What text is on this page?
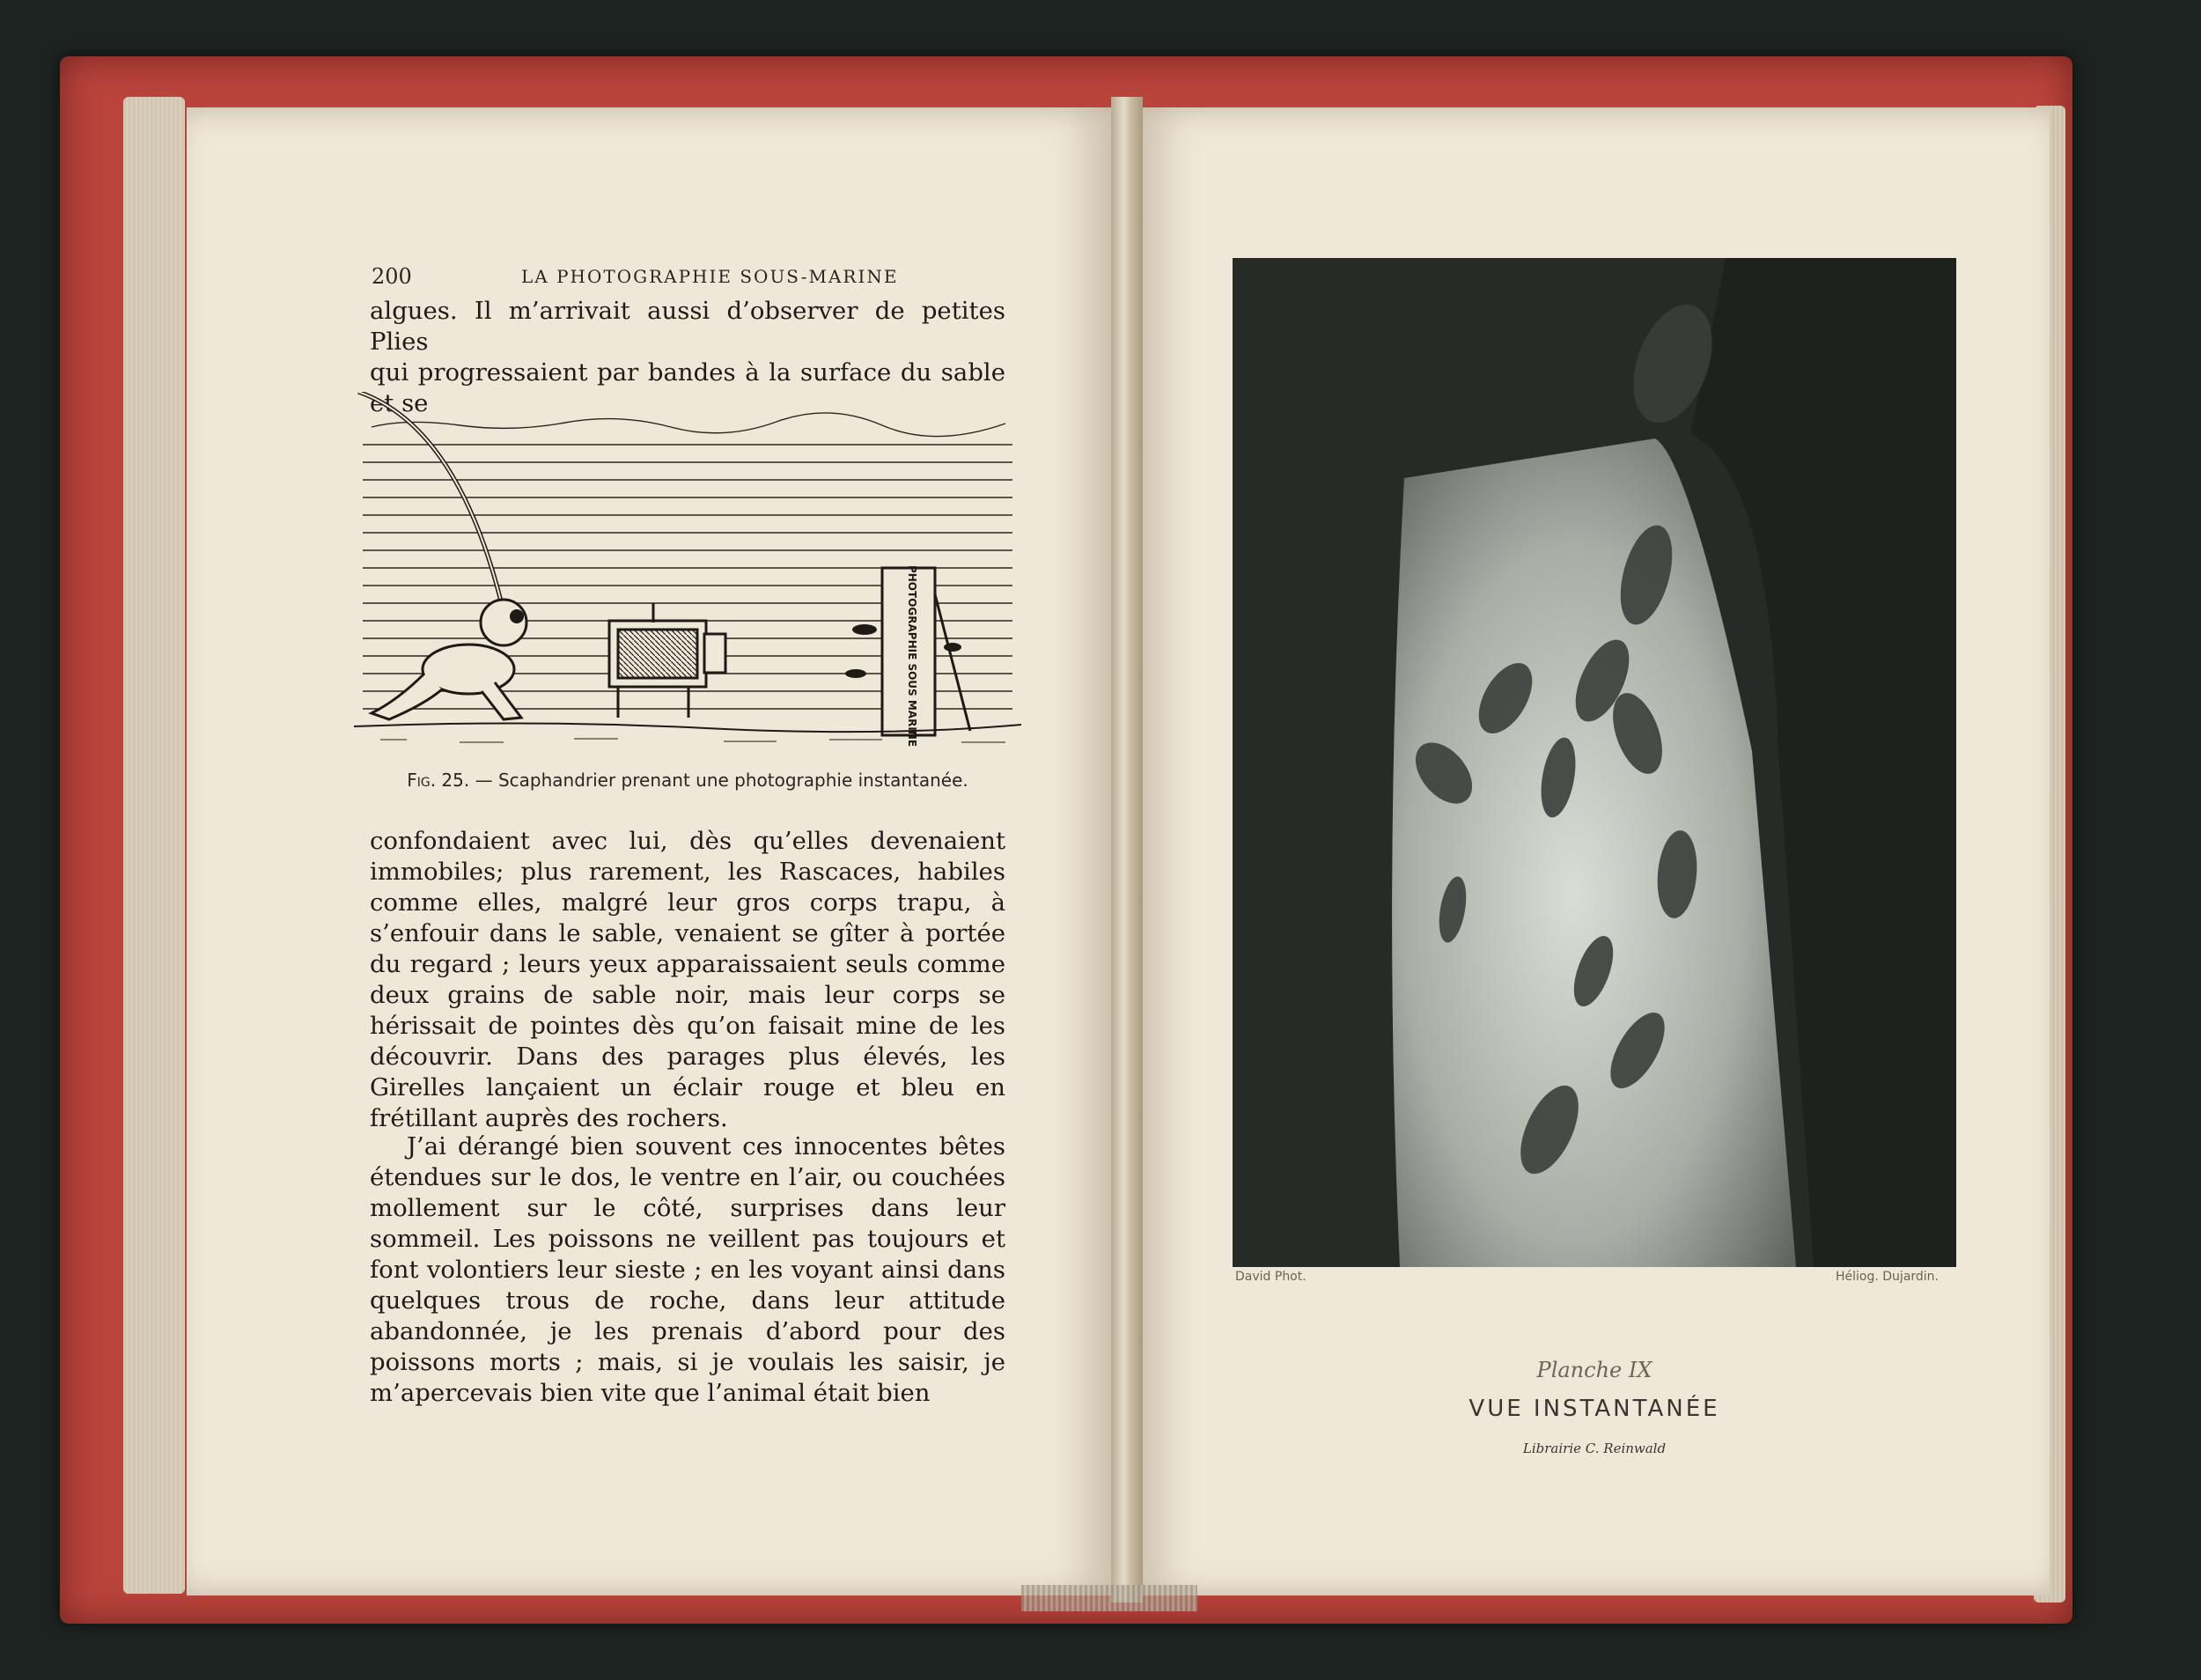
200	LA PHOTOGRAPHIE SOUS-MARINE

algues. Il m’arrivait aussi d’observer de petites Plies

qui progressaient par bandes à la surface du sable et se

PHOTOGRAPHIE SOUS MARINE
Fig. 25. — Scaphandrier prenant une photographie instantanée.
confondaient avec lui, dès qu’elles devenaient immobiles; plus rarement, les Rascaces, habiles comme elles, malgré leur gros corps trapu, à s’enfouir dans le sable, venaient se gîter à portée du regard ; leurs yeux apparaissaient seuls comme deux grains de sable noir, mais leur corps se hérissait de pointes dès qu’on faisait mine de les découvrir. Dans des parages plus élevés, les Girelles lançaient un éclair rouge et bleu en frétillant auprès des rochers.
J’ai dérangé bien souvent ces innocentes bêtes étendues sur le dos, le ventre en l’air, ou couchées mollement sur le côté, surprises dans leur sommeil. Les poissons ne veillent pas toujours et font volontiers leur sieste ; en les voyant ainsi dans quelques trous de roche, dans leur attitude abandonnée, je les prenais d’abord pour des poissons morts ; mais, si je voulais les saisir, je m’apercevais bien vite que l’animal était bien
David Phot.	Héliog. Dujardin.
Planche IX
VUE INSTANTANÉE
Librairie C. Reinwald
